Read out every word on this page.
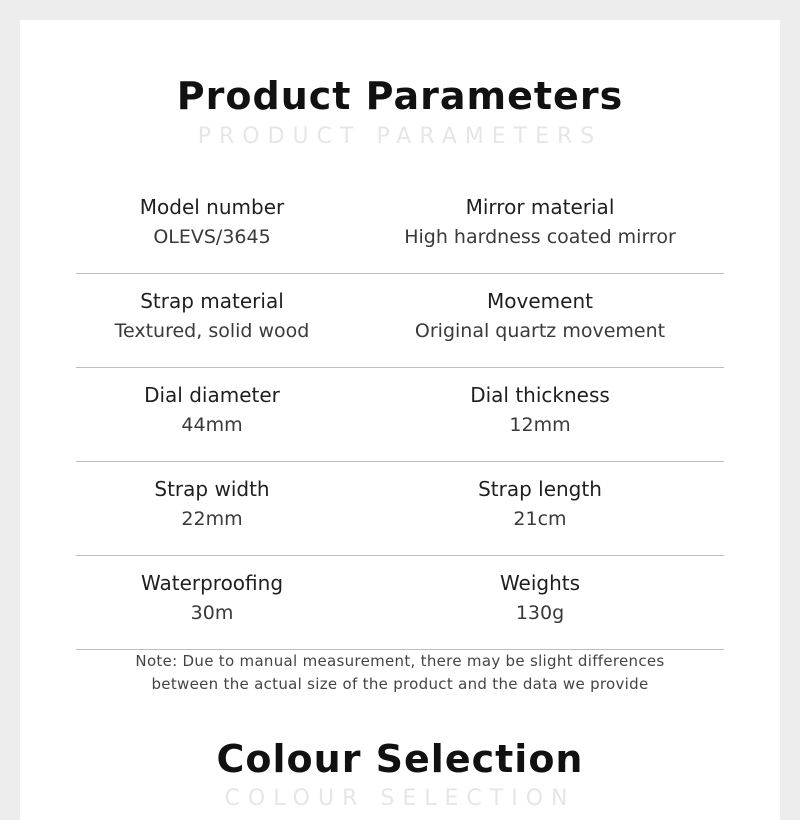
Product Parameters
PRODUCT PARAMETERS
Model number
OLEVS/3645
Mirror material
High hardness coated mirror
Strap material
Textured, solid wood
Movement
Original quartz movement
Dial diameter
44mm
Dial thickness
12mm
Strap width
22mm
Strap length
21cm
Waterproofing
30m
Weights
130g
Note: Due to manual measurement, there may be slight differences
between the actual size of the product and the data we provide
Colour Selection
COLOUR SELECTION
